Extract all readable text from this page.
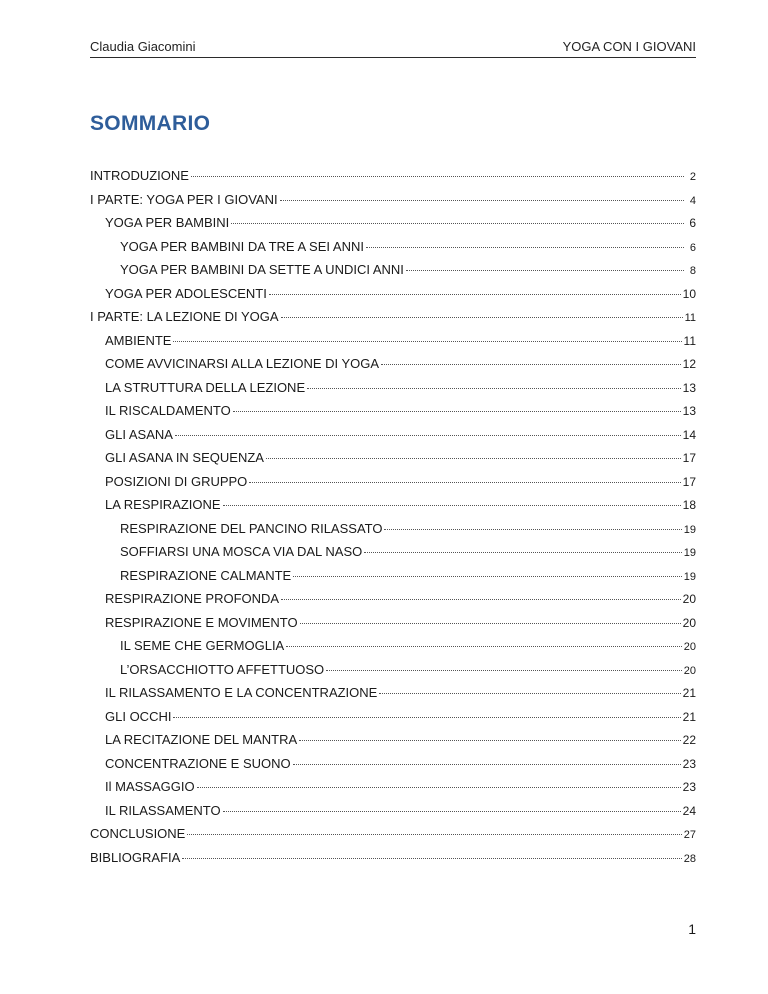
Claudia Giacomini	YOGA CON I GIOVANI
SOMMARIO
INTRODUZIONE	2
I PARTE: YOGA PER I GIOVANI	4
YOGA PER BAMBINI	6
YOGA PER BAMBINI DA TRE A SEI ANNI	6
YOGA PER BAMBINI DA SETTE A UNDICI ANNI	8
YOGA PER ADOLESCENTI	10
I PARTE: LA LEZIONE DI YOGA	11
AMBIENTE	11
COME AVVICINARSI ALLA LEZIONE DI YOGA	12
LA STRUTTURA DELLA LEZIONE	13
IL RISCALDAMENTO	13
GLI ASANA	14
GLI ASANA IN SEQUENZA	17
POSIZIONI DI GRUPPO	17
LA RESPIRAZIONE	18
RESPIRAZIONE DEL PANCINO RILASSATO	19
SOFFIARSI UNA MOSCA VIA DAL NASO	19
RESPIRAZIONE CALMANTE	19
RESPIRAZIONE PROFONDA	20
RESPIRAZIONE E MOVIMENTO	20
IL SEME CHE GERMOGLIA	20
L’ORSACCHIOTTO AFFETTUOSO	20
IL RILASSAMENTO E LA CONCENTRAZIONE	21
GLI OCCHI	21
LA RECITAZIONE DEL MANTRA	22
CONCENTRAZIONE E SUONO	23
Il MASSAGGIO	23
IL RILASSAMENTO	24
CONCLUSIONE	27
BIBLIOGRAFIA	28
1
